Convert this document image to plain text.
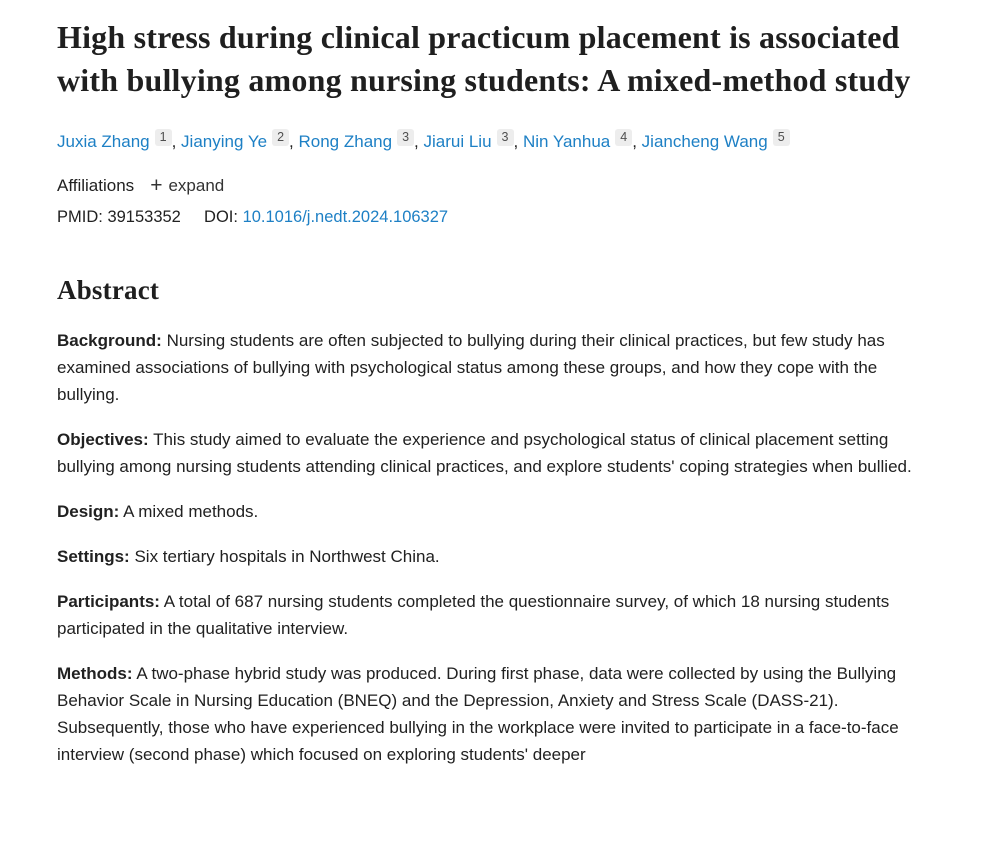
High stress during clinical practicum placement is associated with bullying among nursing students: A mixed-method study
Juxia Zhang $^1$ , Jianying Ye $^2$ , Rong Zhang $^3$ , Jiarui Liu $^3$ , Nin Yanhua $^4$ , Jiancheng Wang $^5$
Affiliations + expand
PMID: 39153352 DOI: 10.1016/j.nedt.2024.106327
Abstract

Background: Nursing students are often subjected to bullying during their clinical practices, but few study has examined associations of bullying with psychological status among these groups, and how they cope with the bullying.

Objectives: This study aimed to evaluate the experience and psychological status of clinical placement setting bullying among nursing students attending clinical practices, and explore students' coping strategies when bullied.

Design: A mixed methods.

Settings: Six tertiary hospitals in Northwest China.

Participants: A total of 687 nursing students completed the questionnaire survey, of which 18 nursing students participated in the qualitative interview.

Methods: A two-phase hybrid study was produced. During first phase, data were collected by using the Bullying Behavior Scale in Nursing Education (BNEQ) and the Depression, Anxiety and Stress Scale (DASS-21). Subsequently, those who have experienced bullying in the workplace were invited to participate in a face-to-face interview (second phase) which focused on exploring students' deeper
